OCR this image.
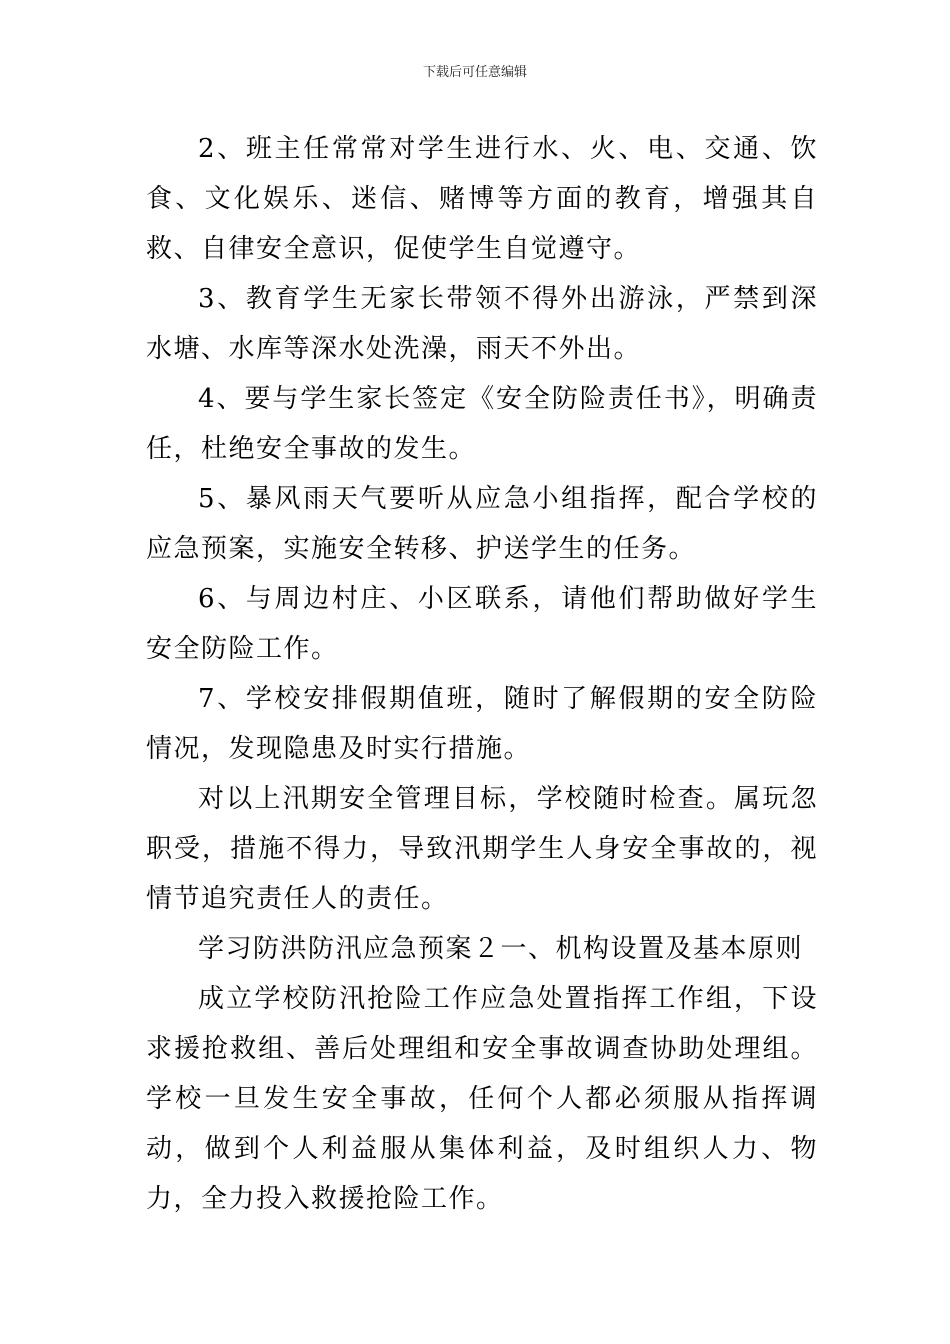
下载后可任意编辑

2、班主任常常对学生进行水、火、电、交通、饮食、文化娱乐、迷信、赌博等方面的教育，增强其自救、自律安全意识，促使学生自觉遵守。

3、教育学生无家长带领不得外出游泳，严禁到深水塘、水库等深水处洗澡，雨天不外出。

4、要与学生家长签定《安全防险责任书》，明确责任，杜绝安全事故的发生。

5、暴风雨天气要听从应急小组指挥，配合学校的应急预案，实施安全转移、护送学生的任务。

6、与周边村庄、小区联系，请他们帮助做好学生安全防险工作。

7、学校安排假期值班，随时了解假期的安全防险情况，发现隐患及时实行措施。

对以上汛期安全管理目标，学校随时检查。属玩忽职受，措施不得力，导致汛期学生人身安全事故的，视情节追究责任人的责任。

学习防洪防汛应急预案２一、机构设置及基本原则

成立学校防汛抢险工作应急处置指挥工作组，下设求援抢救组、善后处理组和安全事故调查协助处理组。学校一旦发生安全事故，任何个人都必须服从指挥调动，做到个人利益服从集体利益，及时组织人力、物力，全力投入救援抢险工作。
